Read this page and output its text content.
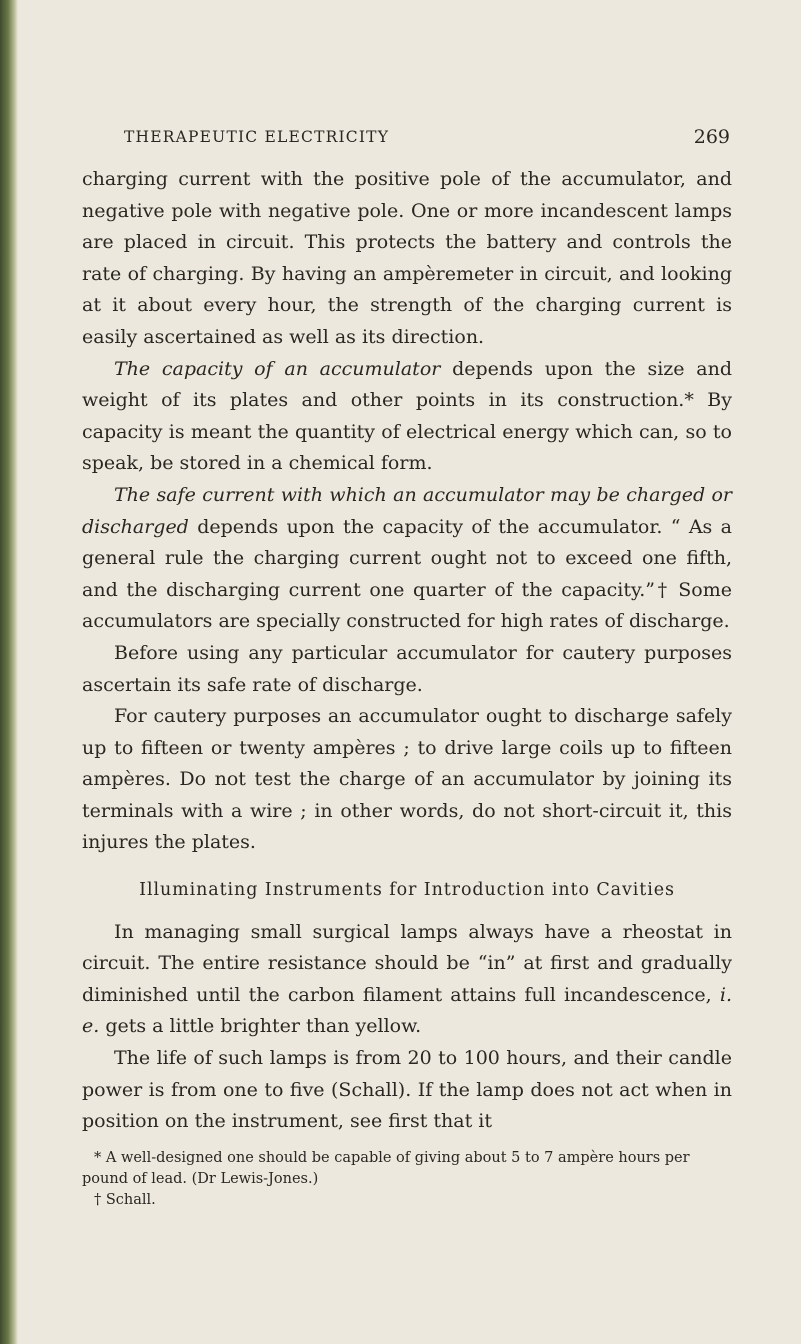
THERAPEUTIC ELECTRICITY	269

charging current with the positive pole of the accumulator, and negative pole with negative pole. One or more incandescent lamps are placed in circuit. This protects the battery and controls the rate of charging. By having an ampèremeter in circuit, and looking at it about every hour, the strength of the charging current is easily ascertained as well as its direction.

The capacity of an accumulator depends upon the size and weight of its plates and other points in its construction.* By capacity is meant the quantity of electrical energy which can, so to speak, be stored in a chemical form.

The safe current with which an accumulator may be charged or discharged depends upon the capacity of the accumulator. “ As a general rule the charging current ought not to exceed one fifth, and the discharging current one quarter of the capacity.”† Some accumulators are specially constructed for high rates of discharge.

Before using any particular accumulator for cautery purposes ascertain its safe rate of discharge.

For cautery purposes an accumulator ought to discharge safely up to fifteen or twenty ampères ; to drive large coils up to fifteen ampères. Do not test the charge of an accumulator by joining its terminals with a wire ; in other words, do not short-circuit it, this injures the plates.

Illuminating Instruments for Introduction into Cavities

In managing small surgical lamps always have a rheostat in circuit. The entire resistance should be “in” at first and gradually diminished until the carbon filament attains full incandescence, i. e. gets a little brighter than yellow.

The life of such lamps is from 20 to 100 hours, and their candle power is from one to five (Schall). If the lamp does not act when in position on the instrument, see first that it

* A well-designed one should be capable of giving about 5 to 7 ampère hours per pound of lead. (Dr Lewis-Jones.)

† Schall.
